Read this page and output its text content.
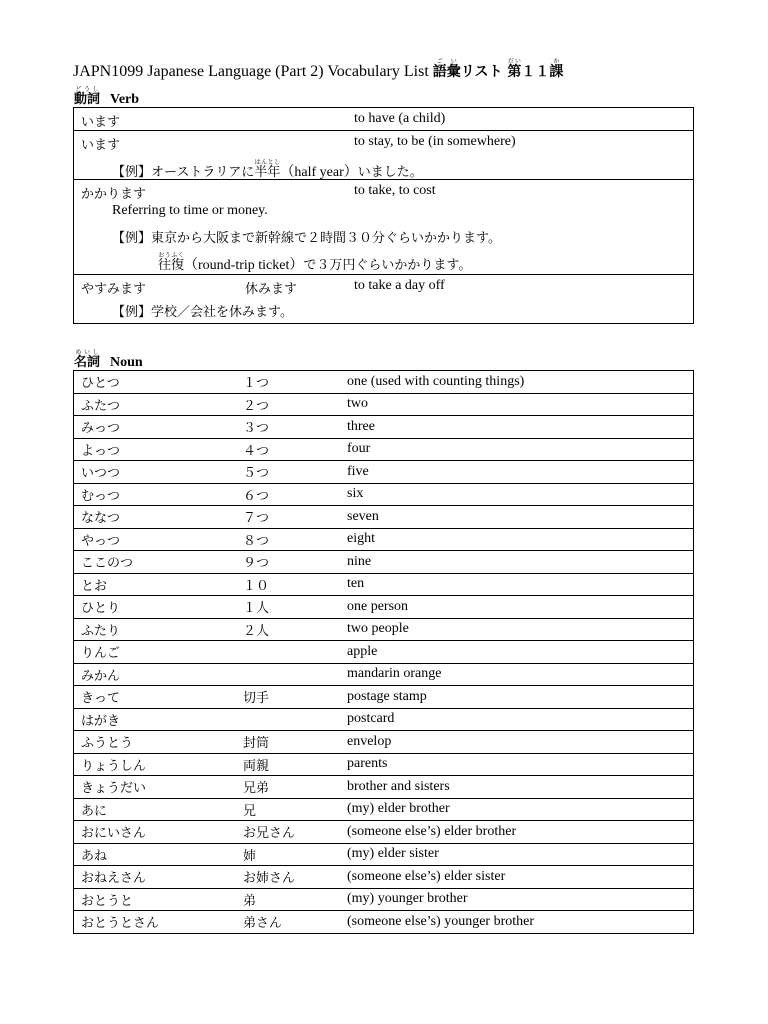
JAPN1099 Japanese Language (Part 2) Vocabulary List 語彙ごいリスト 第だい１１課か
動詞どうしVerb
います	to have (a child)
います	to stay, to be (in somewhere)
【例】オーストラリアに半年はんとし（half year）いました。
かかります	to take, to cost
Referring to time or money.
【例】東京から大阪まで新幹線で２時間３０分ぐらいかかります。
往復おうふく（round-trip ticket）で３万円ぐらいかかります。
やすみます	休みます	to take a day off
【例】学校／会社を休みます。
名詞めいしNoun
ひとつ	１つ	one (used with counting things)
ふたつ	２つ	two
みっつ	３つ	three
よっつ	４つ	four
いつつ	５つ	five
むっつ	６つ	six
ななつ	７つ	seven
やっつ	８つ	eight
ここのつ	９つ	nine
とお	１０	ten
ひとり	１人	one person
ふたり	２人	two people
りんご		apple
みかん		mandarin orange
きって	切手	postage stamp
はがき		postcard
ふうとう	封筒	envelop
りょうしん	両親	parents
きょうだい	兄弟	brother and sisters
あに	兄	(my) elder brother
おにいさん	お兄さん	(someone else’s) elder brother
あね	姉	(my) elder sister
おねえさん	お姉さん	(someone else’s) elder sister
おとうと	弟	(my) younger brother
おとうとさん	弟さん	(someone else’s) younger brother
